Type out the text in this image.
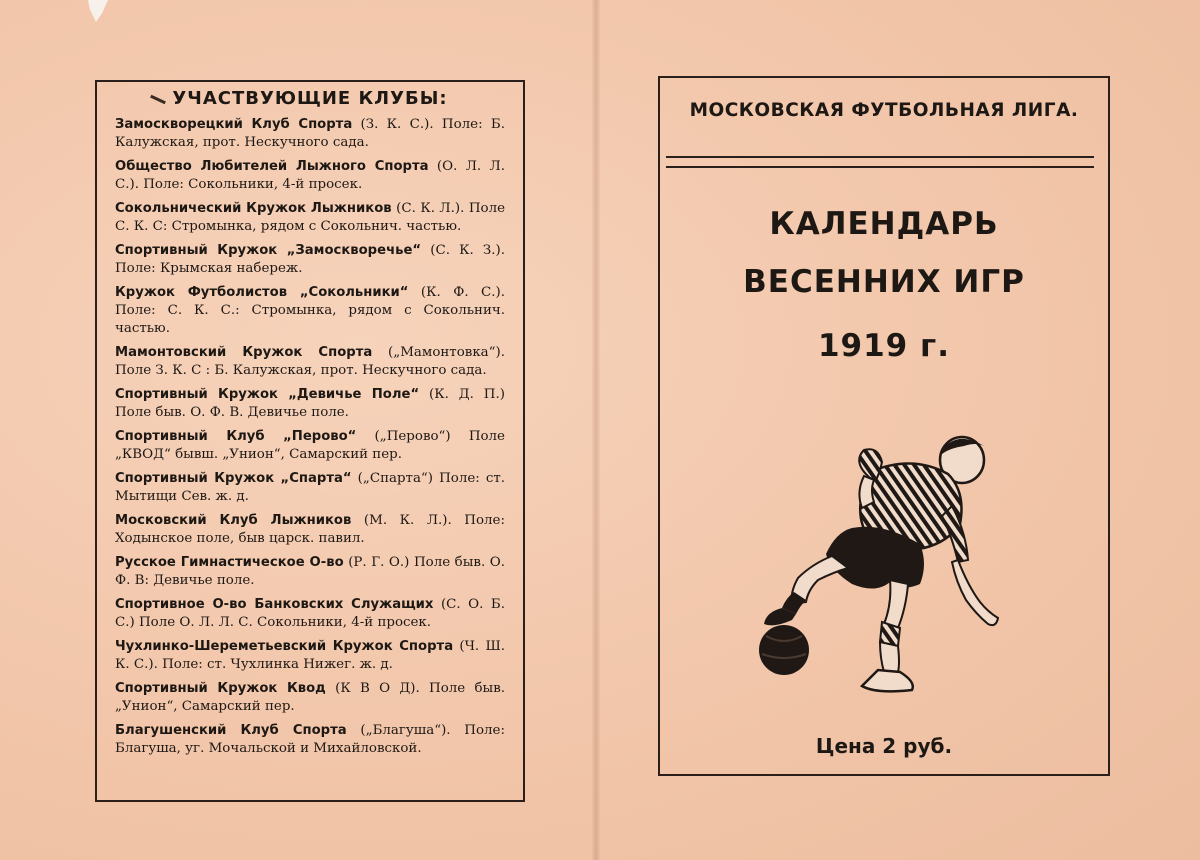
УЧАСТВУЮЩИЕ КЛУБЫ:
Замоскворецкий Клуб Спорта (З. К. С.). Поле: Б. Калужская, прот. Нескучного сада.
Общество Любителей Лыжного Спорта (О. Л. Л. С.). Поле: Сокольники, 4-й просек.
Сокольнический Кружок Лыжников (С. К. Л.). Поле С. К. С: Стромынка, рядом с Сокольнич. частью.
Спортивный Кружок „Замоскворечье“ (С. К. З.). Поле: Крымская набереж.
Кружок Футболистов „Сокольники“ (К. Ф. С.). Поле: С. К. С.: Стромынка, рядом с Сокольнич. частью.
Мамонтовский Кружок Спорта („Мамонтовка“). Поле З. К. С : Б. Калужская, прот. Нескучного сада.
Спортивный Кружок „Девичье Поле“ (К. Д. П.) Поле быв. О. Ф. В. Девичье поле.
Спортивный Клуб „Перово“ („Перово“) Поле „КВОД“ бывш. „Унион“, Самарский пер.
Спортивный Кружок „Спарта“ („Спарта“) Поле: ст. Мытищи Сев. ж. д.
Московский Клуб Лыжников (М. К. Л.). Поле: Ходынское поле, быв царск. павил.
Русское Гимнастическое О-во (Р. Г. О.) Поле быв. О. Ф. В: Девичье поле.
Спортивное О-во Банковских Служащих (С. О. Б. С.) Поле О. Л. Л. С. Сокольники, 4-й просек.
Чухлинко-Шереметьевский Кружок Спорта (Ч. Ш. К. С.). Поле: ст. Чухлинка Нижег. ж. д.
Спортивный Кружок Квод (К В О Д). Поле быв. „Унион“, Самарский пер.
Благушенский Клуб Спорта („Благуша“). Поле: Благуша, уг. Мочальской и Михайловской.
МОСКОВСКАЯ ФУТБОЛЬНАЯ ЛИГА.
КАЛЕНДАРЬ
ВЕСЕННИХ ИГР
1919 г.
Цена 2 руб.
